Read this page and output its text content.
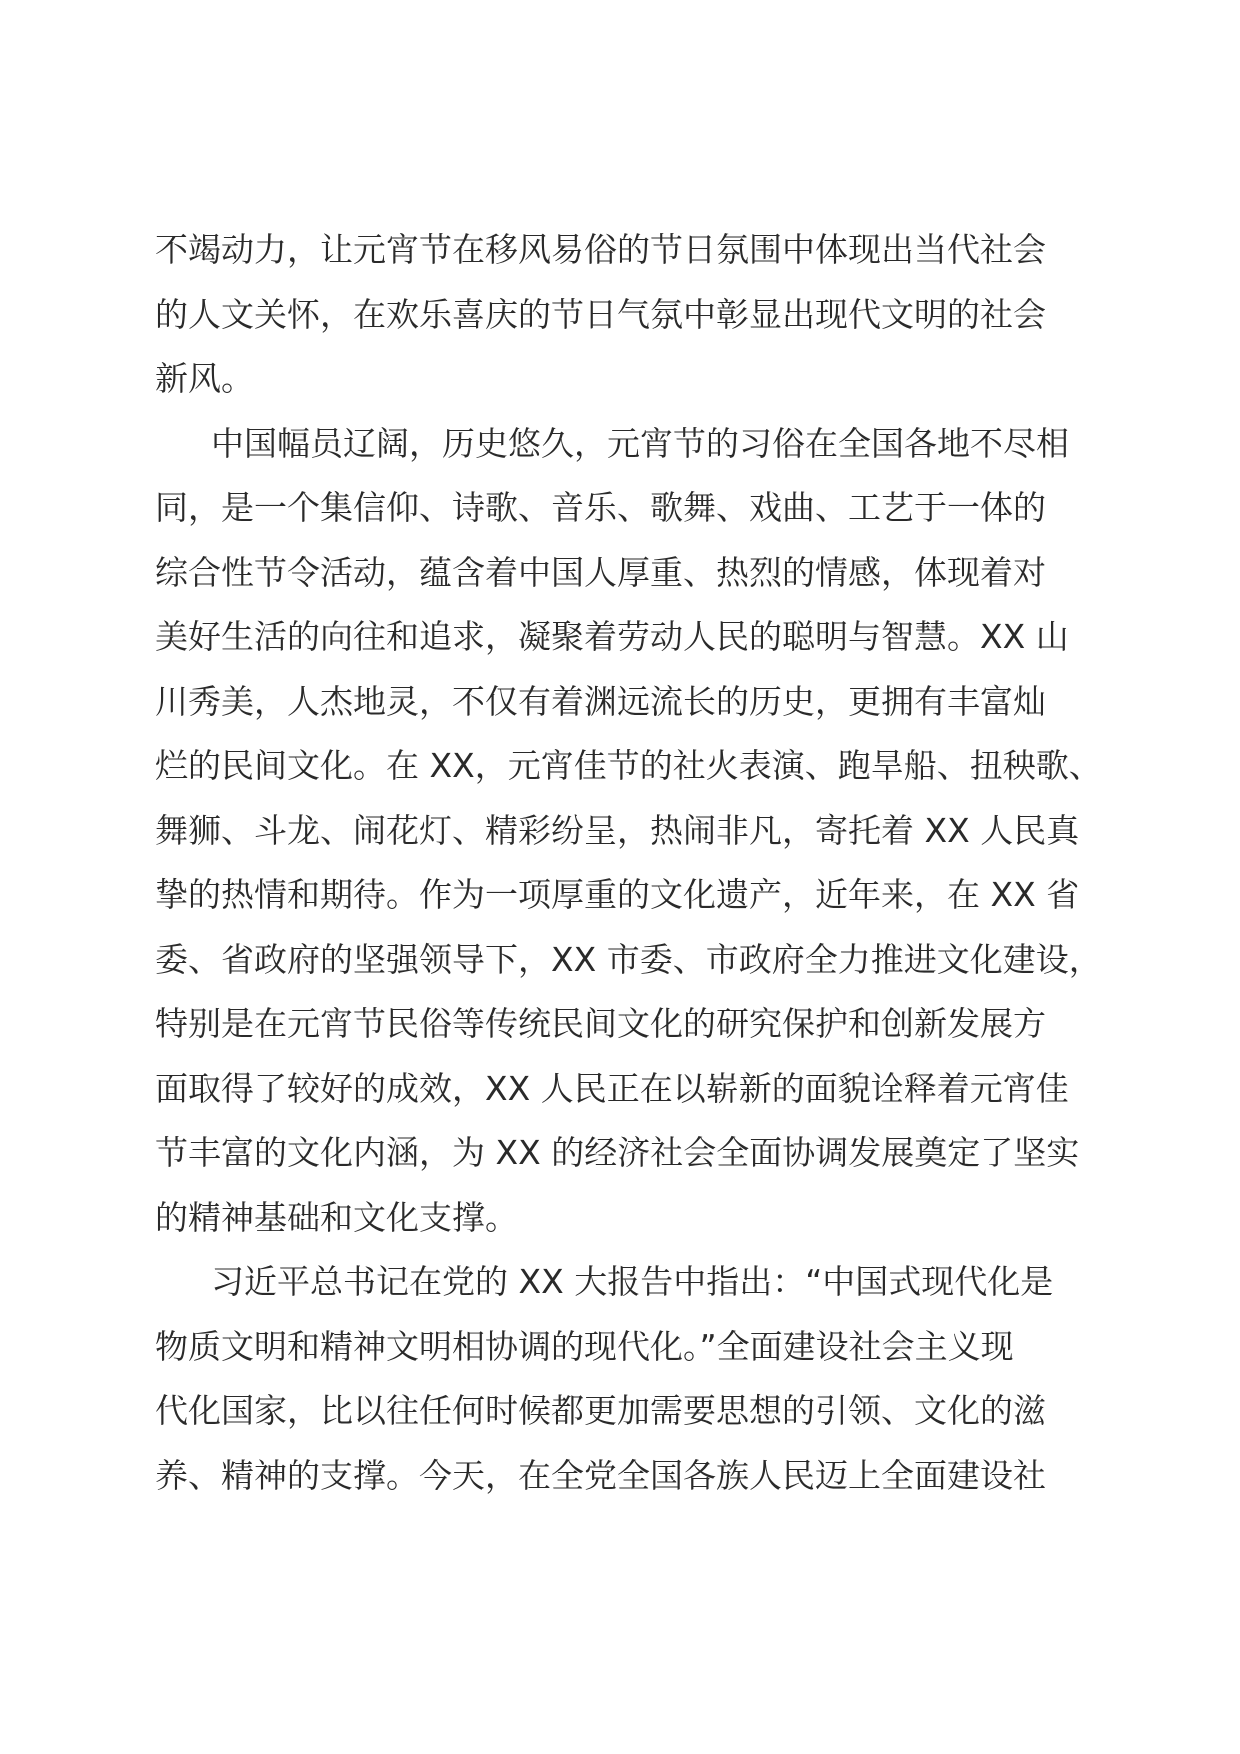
不竭动力，让元宵节在移风易俗的节日氛围中体现出当代社会
的人文关怀，在欢乐喜庆的节日气氛中彰显出现代文明的社会
新风。
中国幅员辽阔，历史悠久，元宵节的习俗在全国各地不尽相
同，是一个集信仰、诗歌、音乐、歌舞、戏曲、工艺于一体的
综合性节令活动，蕴含着中国人厚重、热烈的情感，体现着对
美好生活的向往和追求，凝聚着劳动人民的聪明与智慧。XX 山
川秀美，人杰地灵，不仅有着渊远流长的历史，更拥有丰富灿
烂的民间文化。在 XX，元宵佳节的社火表演、跑旱船、扭秧歌、
舞狮、斗龙、闹花灯、精彩纷呈，热闹非凡，寄托着 XX 人民真
挚的热情和期待。作为一项厚重的文化遗产，近年来，在 XX 省
委、省政府的坚强领导下，XX 市委、市政府全力推进文化建设，
特别是在元宵节民俗等传统民间文化的研究保护和创新发展方
面取得了较好的成效，XX 人民正在以崭新的面貌诠释着元宵佳
节丰富的文化内涵，为 XX 的经济社会全面协调发展奠定了坚实
的精神基础和文化支撑。
习近平总书记在党的 XX 大报告中指出：“中国式现代化是
物质文明和精神文明相协调的现代化。”全面建设社会主义现
代化国家，比以往任何时候都更加需要思想的引领、文化的滋
养、精神的支撑。今天，在全党全国各族人民迈上全面建设社
